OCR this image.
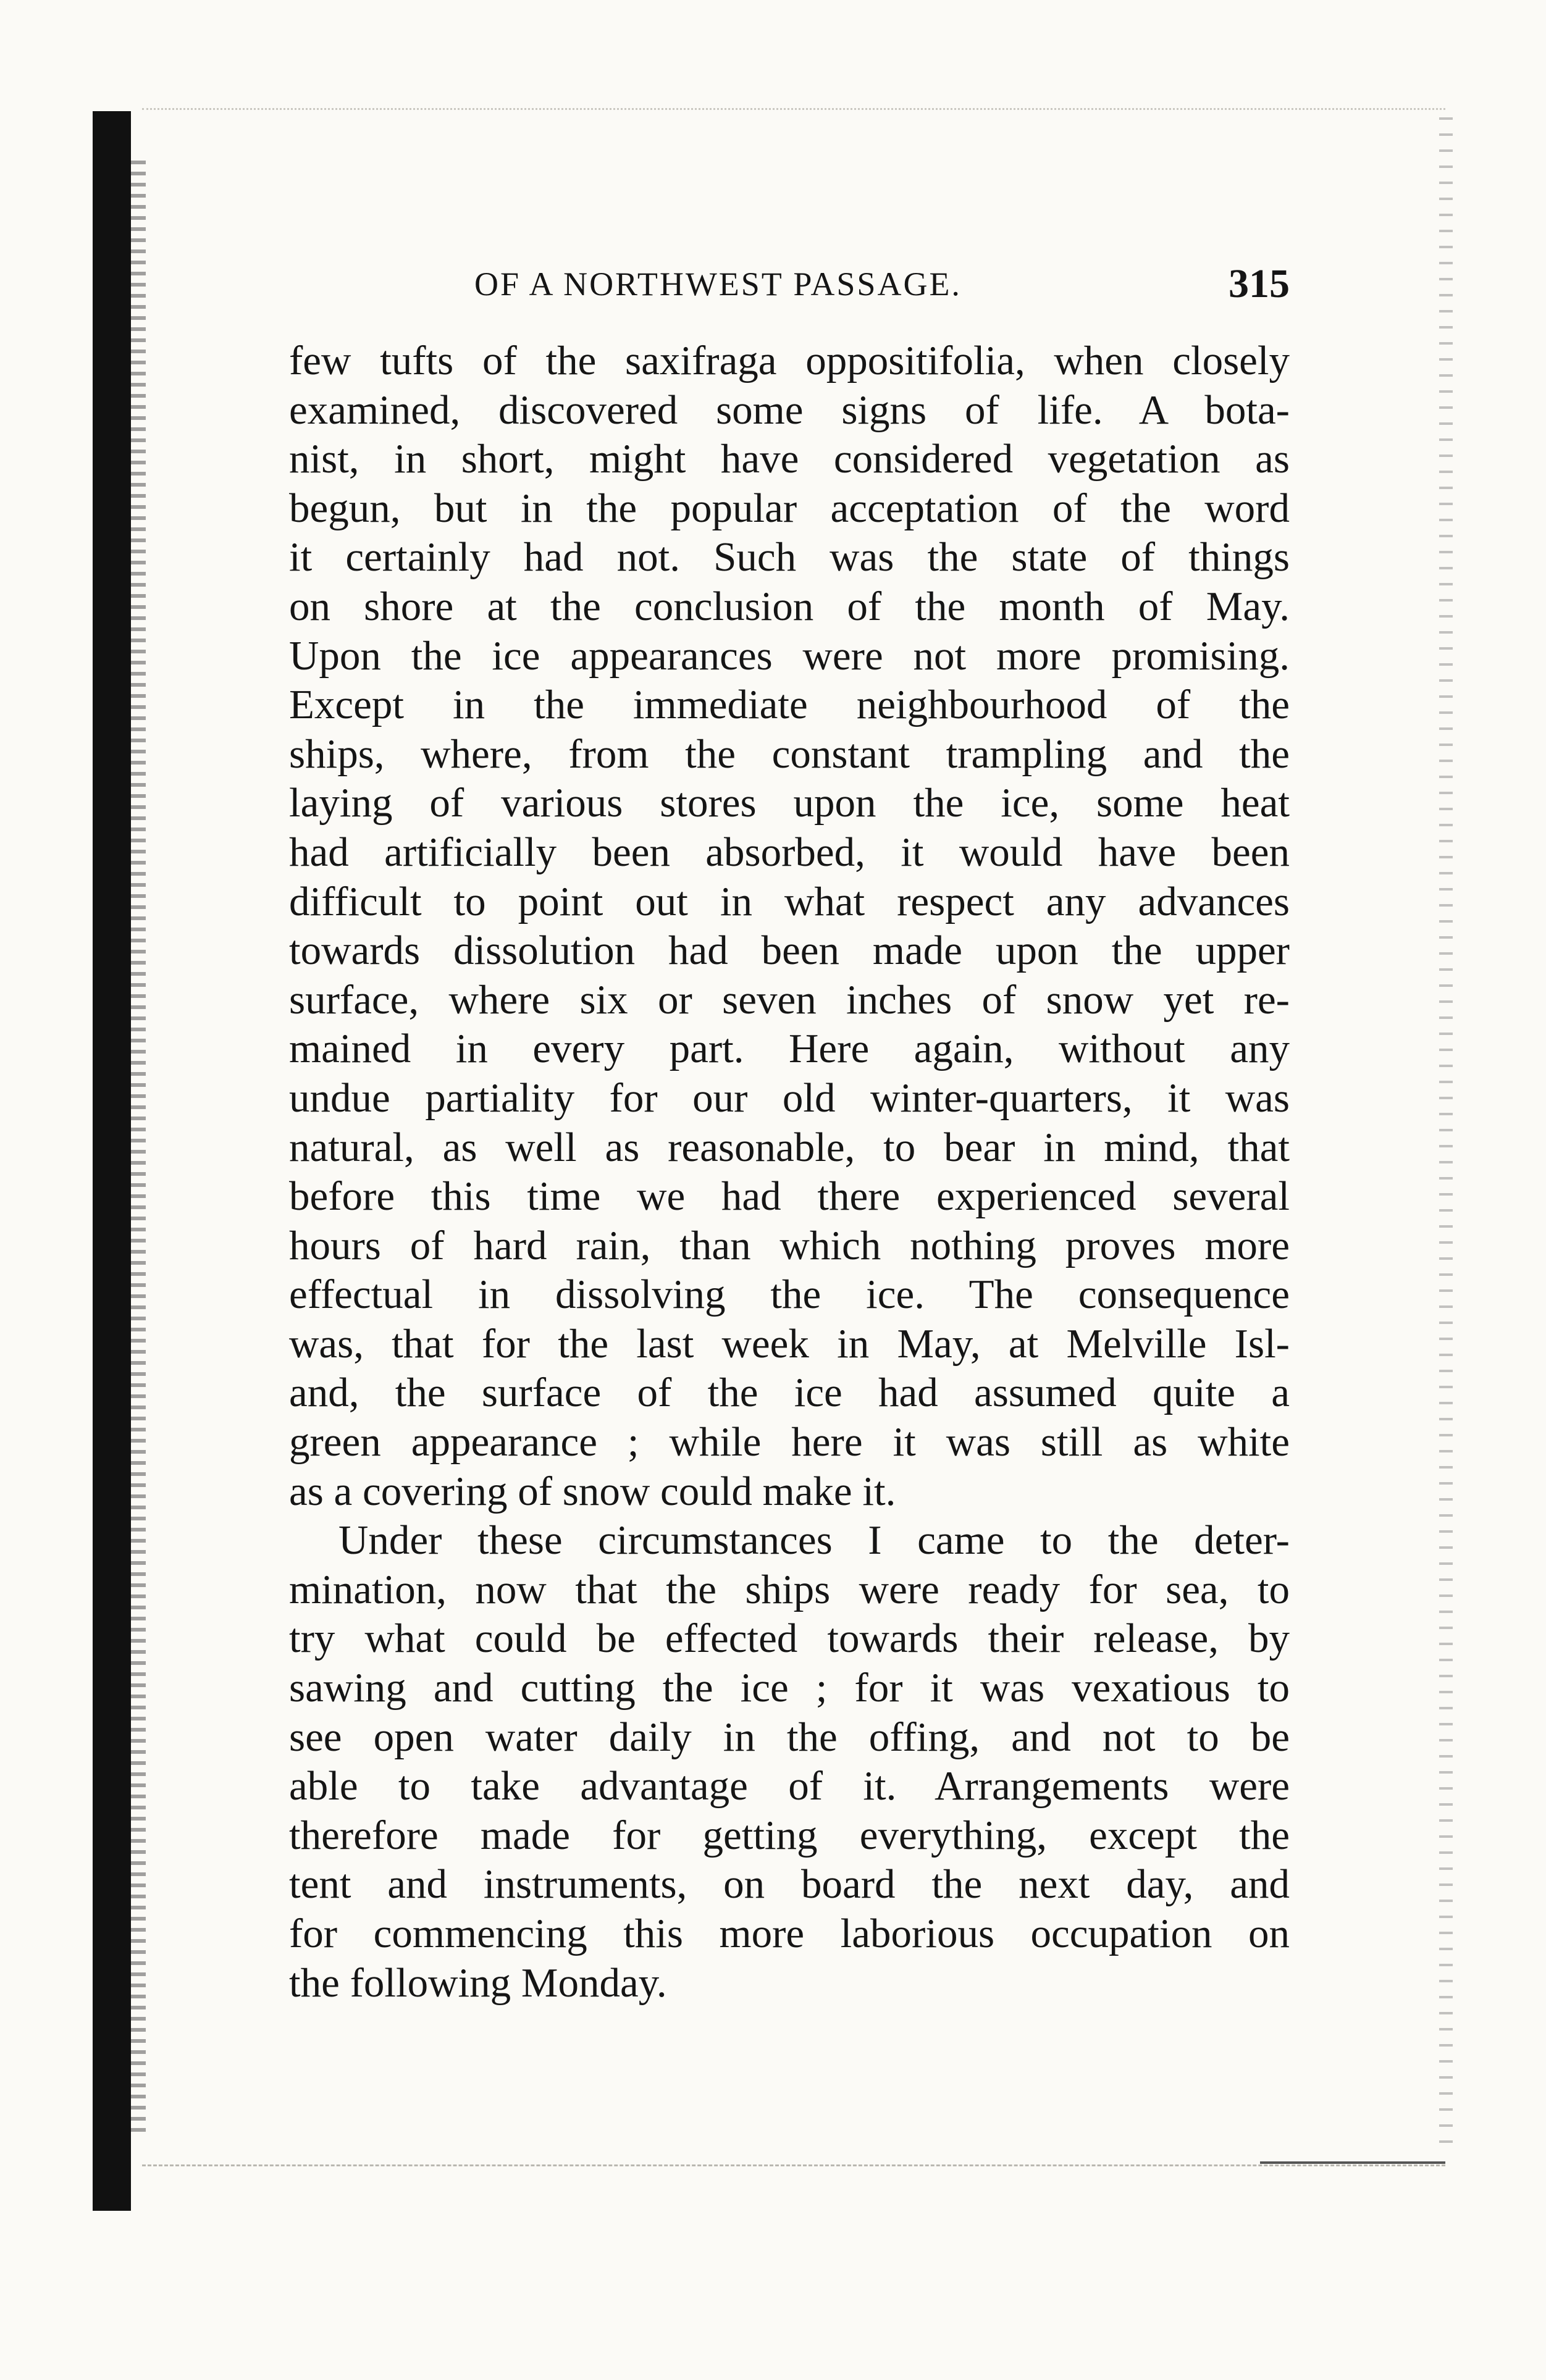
OF A NORTHWEST PASSAGE.	315
few tufts of the saxifraga oppositifolia, when closely
examined, discovered some signs of life. A bota-
nist, in short, might have considered vegetation as
begun, but in the popular acceptation of the word
it certainly had not. Such was the state of things
on shore at the conclusion of the month of May.
Upon the ice appearances were not more promising.
Except in the immediate neighbourhood of the
ships, where, from the constant trampling and the
laying of various stores upon the ice, some heat
had artificially been absorbed, it would have been
difficult to point out in what respect any advances
towards dissolution had been made upon the upper
surface, where six or seven inches of snow yet re-
mained in every part. Here again, without any
undue partiality for our old winter-quarters, it was
natural, as well as reasonable, to bear in mind, that
before this time we had there experienced several
hours of hard rain, than which nothing proves more
effectual in dissolving the ice. The consequence
was, that for the last week in May, at Melville Isl-
and, the surface of the ice had assumed quite a
green appearance ; while here it was still as white
as a covering of snow could make it.
Under these circumstances I came to the deter-
mination, now that the ships were ready for sea, to
try what could be effected towards their release, by
sawing and cutting the ice ; for it was vexatious to
see open water daily in the offing, and not to be
able to take advantage of it. Arrangements were
therefore made for getting everything, except the
tent and instruments, on board the next day, and
for commencing this more laborious occupation on
the following Monday.
